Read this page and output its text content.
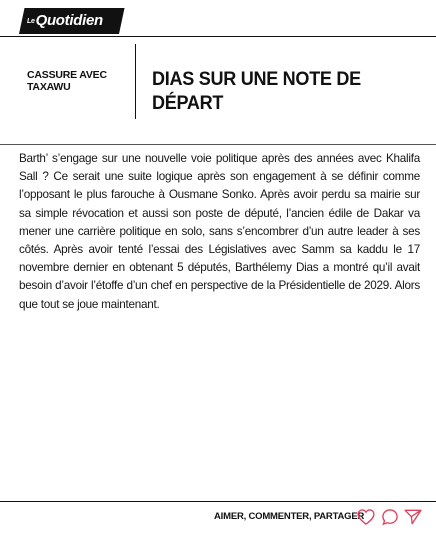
LeQuotidien
CASSURE AVEC TAXAWU	DIAS SUR UNE NOTE DE DÉPART
Barth’ s’engage sur une nouvelle voie politique après des années avec Khalifa Sall ? Ce serait une suite logique après son engagement à se définir comme l’opposant le plus farouche à Ousmane Sonko. Après avoir perdu sa mairie sur sa simple révocation et aussi son poste de député, l’ancien édile de Dakar va mener une carrière politique en solo, sans s’encombrer d’un autre leader à ses côtés. Après avoir tenté l’essai des Législatives avec Samm sa kaddu le 17 novembre dernier en obtenant 5 députés, Barthélemy Dias a montré qu’il avait besoin d’avoir l’étoffe d’un chef en perspective de la Présidentielle de 2029. Alors que tout se joue maintenant.
AIMER, COMMENTER, PARTAGER
